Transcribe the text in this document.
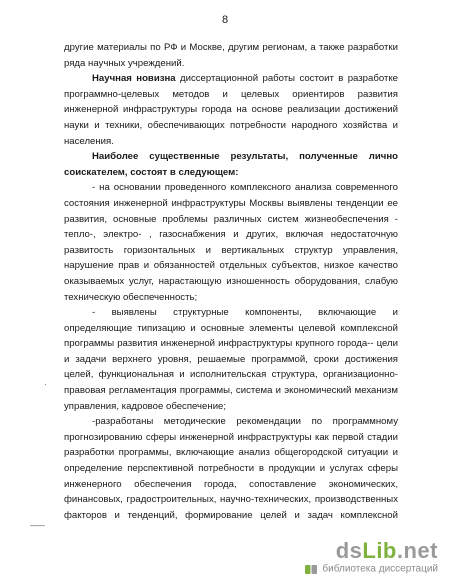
8
другие материалы по РФ и Москве, другим регионам, а также разработки
ряда научных учреждений.
Научная новизна диссертационной работы состоит в разработке
программно-целевых методов и целевых ориентиров развития
инженерной инфраструктуры города на основе реализации достижений
науки и техники, обеспечивающих потребности народного хозяйства и
населения.
Наиболее существенные результаты, полученные лично
соискателем, состоят в следующем:
- на основании проведенного комплексного анализа современного
состояния инженерной инфраструктуры Москвы выявлены тенденции ее
развития, основные проблемы различных систем жизнеобеспечения -
тепло-, электро- , газоснабжения и других, включая недостаточную
развитость горизонтальных и вертикальных структур управления,
нарушение прав и обязанностей отдельных субъектов, низкое качество
оказываемых услуг, нарастающую изношенность оборудования, слабую
техническую обеспеченность;
- выявлены структурные компоненты, включающие и
определяющие типизацию и основные элементы целевой комплексной
программы развития инженерной инфраструктуры крупного города-- цели
и задачи верхнего уровня, решаемые программой, сроки достижения
целей, функциональная и исполнительская структура, организационно-
правовая регламентация программы, система и экономический механизм
управления, кадровое обеспечение;
-разработаны методические рекомендации по программному
прогнозированию сферы инженерной инфраструктуры как первой стадии
разработки программы, включающие анализ общегородской ситуации и
определение перспективной потребности в продукции и услугах сферы
инженерного обеспечения города, сопоставление экономических,
финансовых, градостроительных, научно-технических, производственных
факторов и тенденций, формирование целей и задач комплексной
·
——
dsLib.net
библиотека диссертаций
